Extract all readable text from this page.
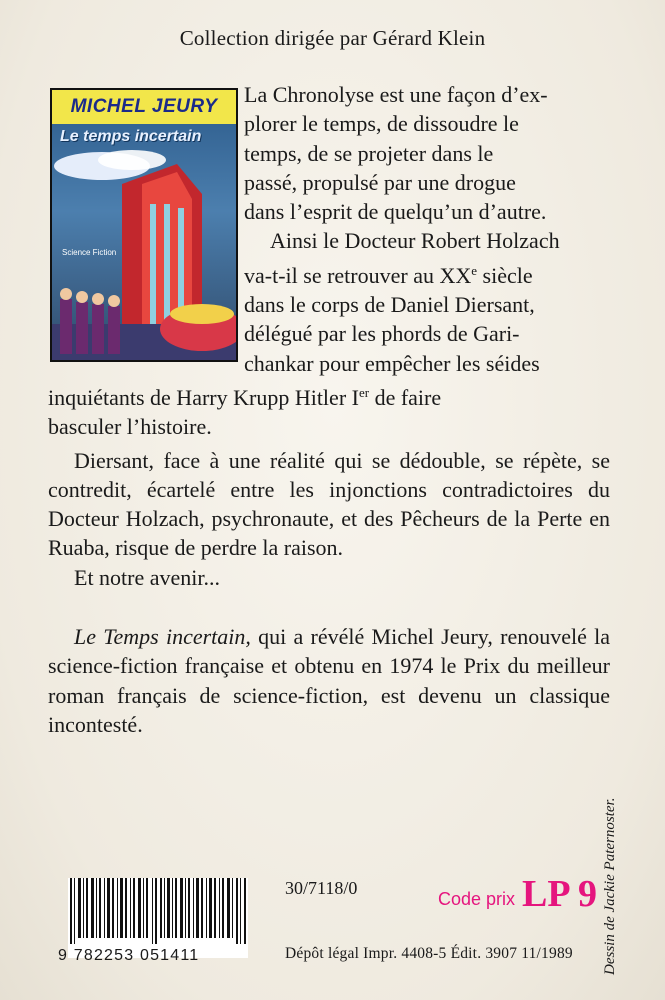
Collection dirigée par Gérard Klein
MICHEL JEURY
Le temps incertain
Science Fiction
La Chronolyse est une façon d’ex-
plorer le temps, de dissoudre le
temps, de se projeter dans le
passé, propulsé par une drogue
dans l’esprit de quelqu’un d’autre.
Ainsi le Docteur Robert Holzach
va-t-il se retrouver au XXe siècle
dans le corps de Daniel Diersant,
délégué par les phords de Gari-
chankar pour empêcher les séides
inquiétants de Harry Krupp Hitler Ier de faire
basculer l’histoire.

Diersant, face à une réalité qui se dédouble, se répète, se contredit, écartelé entre les injonctions contradictoires du Docteur Holzach, psychronaute, et des Pêcheurs de la Perte en Ruaba, risque de perdre la raison.

Et notre avenir...

Le Temps incertain, qui a révélé Michel Jeury, renouvelé la science-fiction française et obtenu en 1974 le Prix du meilleur roman français de science-fiction, est devenu un classique incontesté.

Dessin de Jackie Paternoster.
9 782253 051411
30/7118/0
Code prix LP 9
Dépôt légal Impr. 4408-5 Édit. 3907 11/1989
